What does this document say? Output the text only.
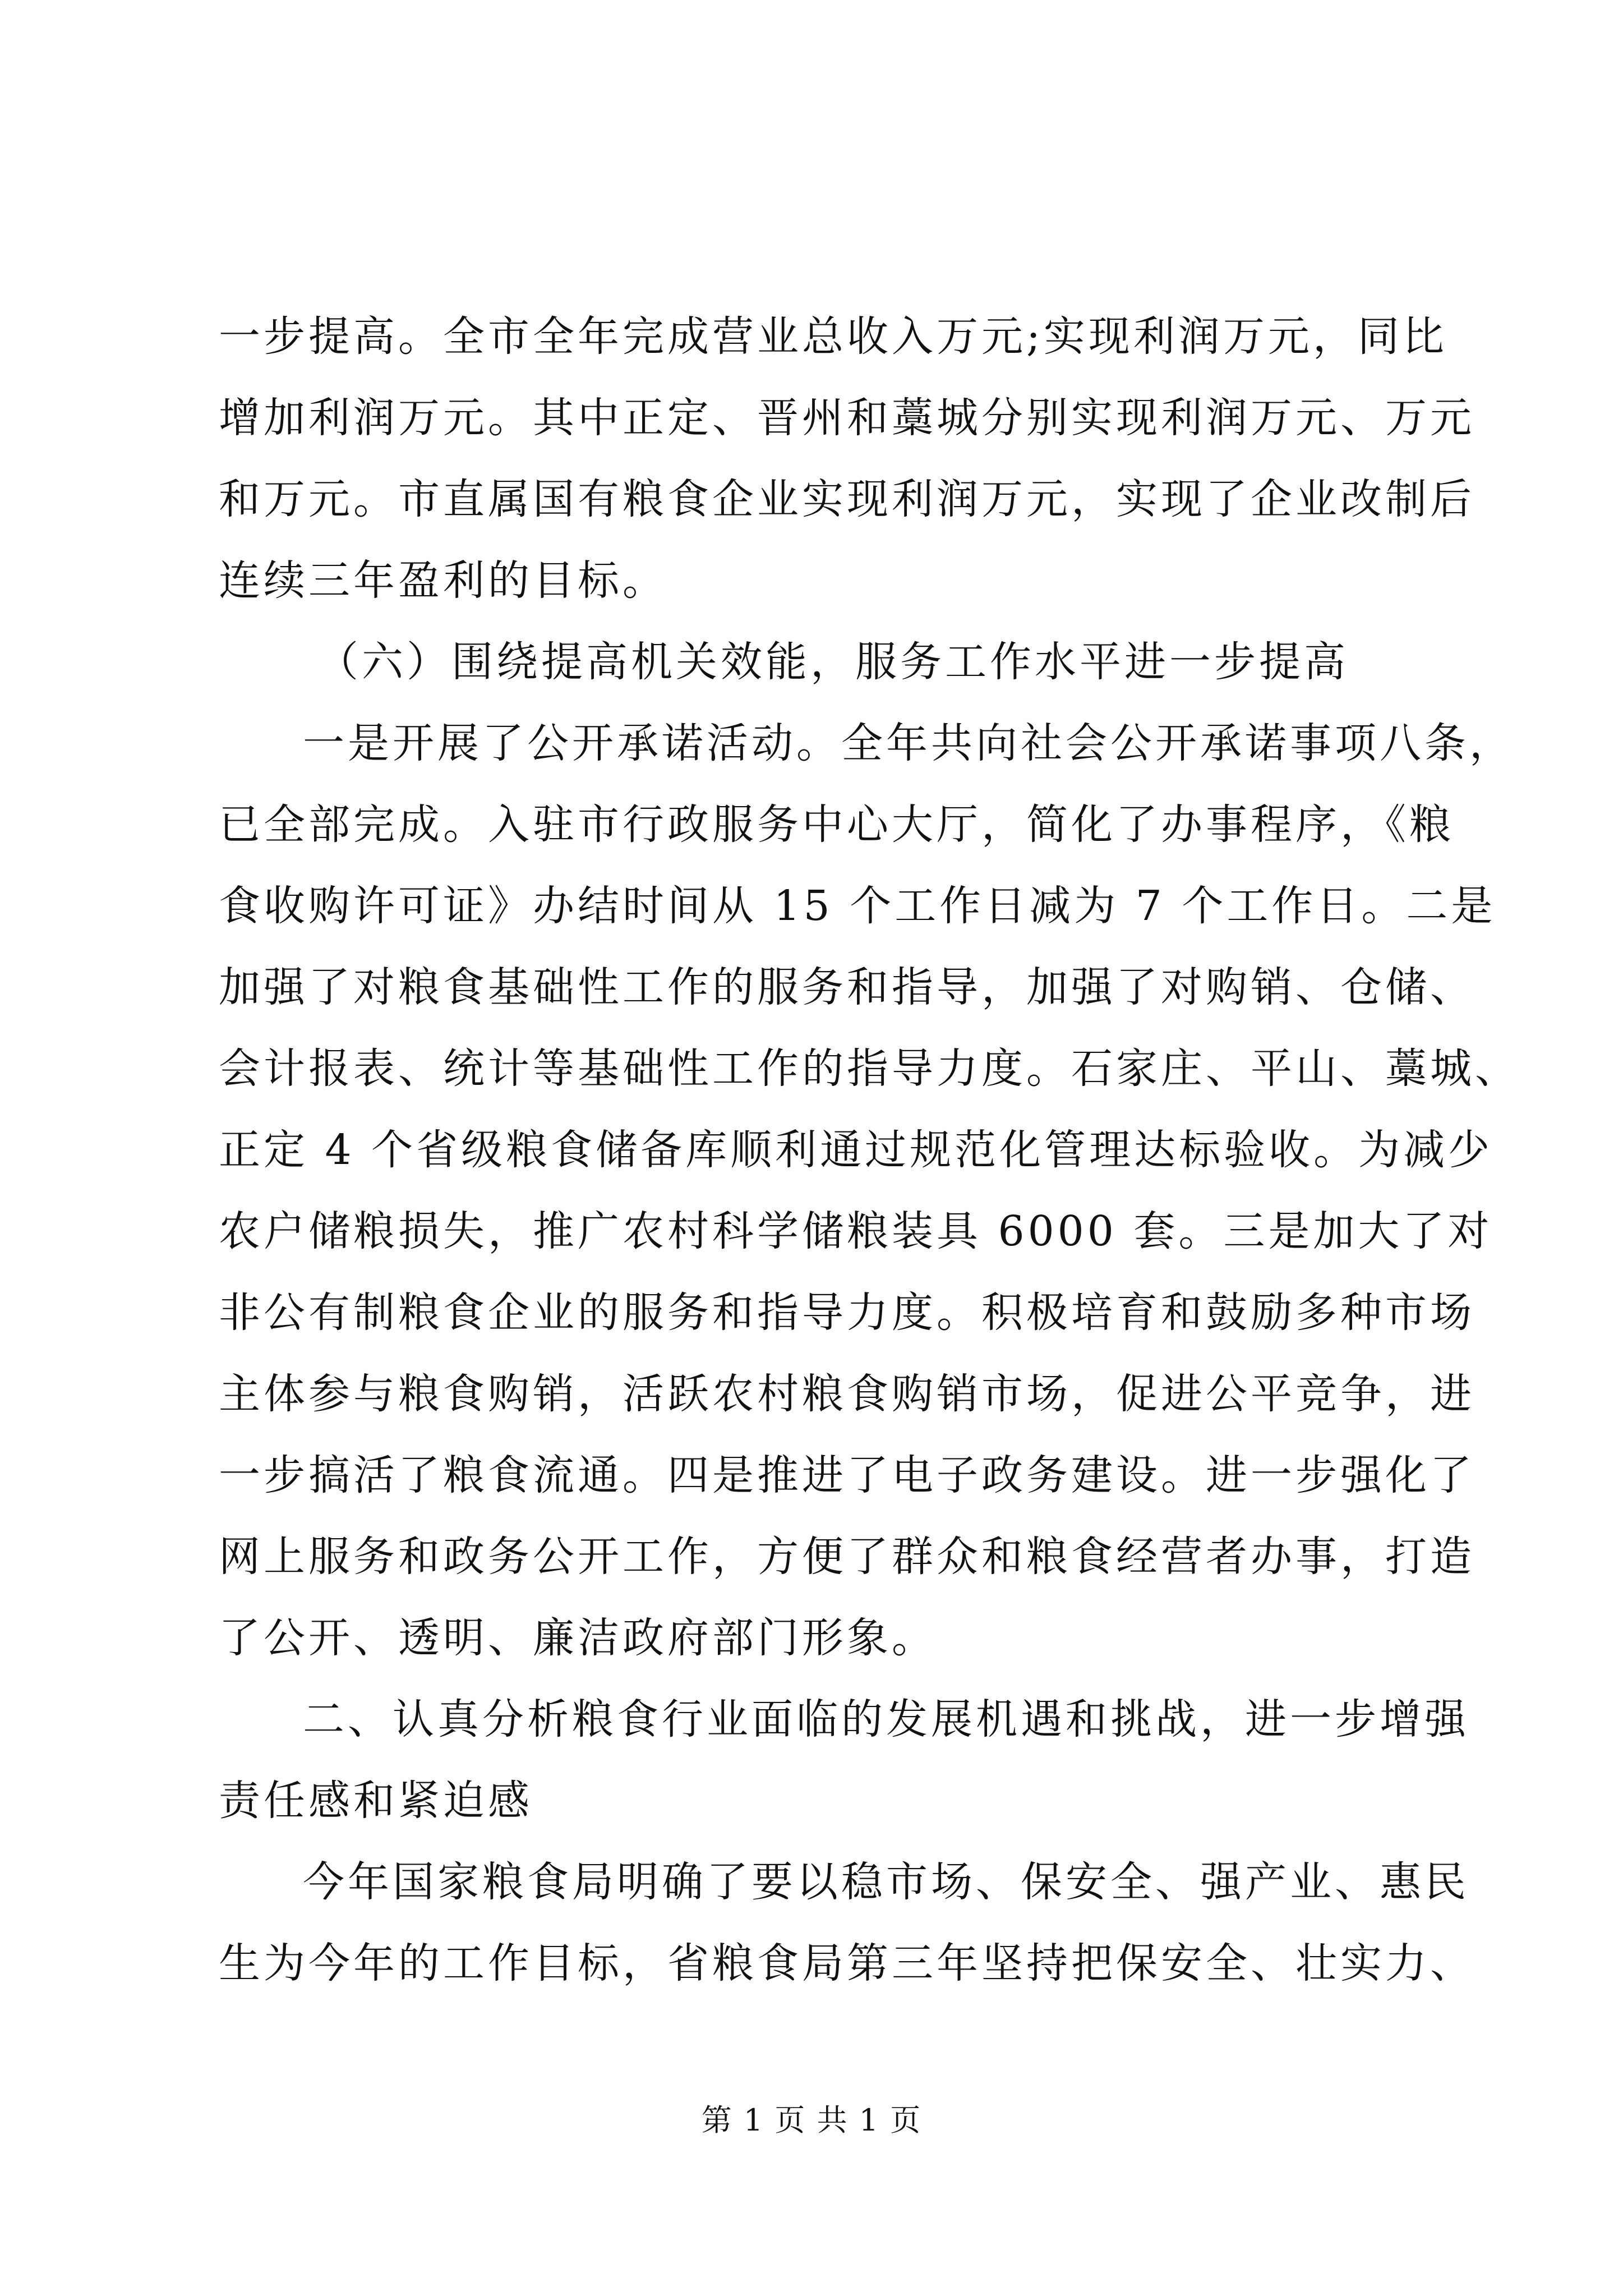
一步提高。全市全年完成营业总收入万元;实现利润万元，同比
增加利润万元。其中正定、晋州和藁城分别实现利润万元、万元
和万元。市直属国有粮食企业实现利润万元，实现了企业改制后
连续三年盈利的目标。
（六）围绕提高机关效能，服务工作水平进一步提高
一是开展了公开承诺活动。全年共向社会公开承诺事项八条，
已全部完成。入驻市行政服务中心大厅，简化了办事程序，《粮
食收购许可证》办结时间从 15 个工作日减为 7 个工作日。二是
加强了对粮食基础性工作的服务和指导，加强了对购销、仓储、
会计报表、统计等基础性工作的指导力度。石家庄、平山、藁城、
正定 4 个省级粮食储备库顺利通过规范化管理达标验收。为减少
农户储粮损失，推广农村科学储粮装具 6000 套。三是加大了对
非公有制粮食企业的服务和指导力度。积极培育和鼓励多种市场
主体参与粮食购销，活跃农村粮食购销市场，促进公平竞争，进
一步搞活了粮食流通。四是推进了电子政务建设。进一步强化了
网上服务和政务公开工作，方便了群众和粮食经营者办事，打造
了公开、透明、廉洁政府部门形象。
二、认真分析粮食行业面临的发展机遇和挑战，进一步增强
责任感和紧迫感
今年国家粮食局明确了要以稳市场、保安全、强产业、惠民
生为今年的工作目标，省粮食局第三年坚持把保安全、壮实力、
第 1 页 共 1 页
